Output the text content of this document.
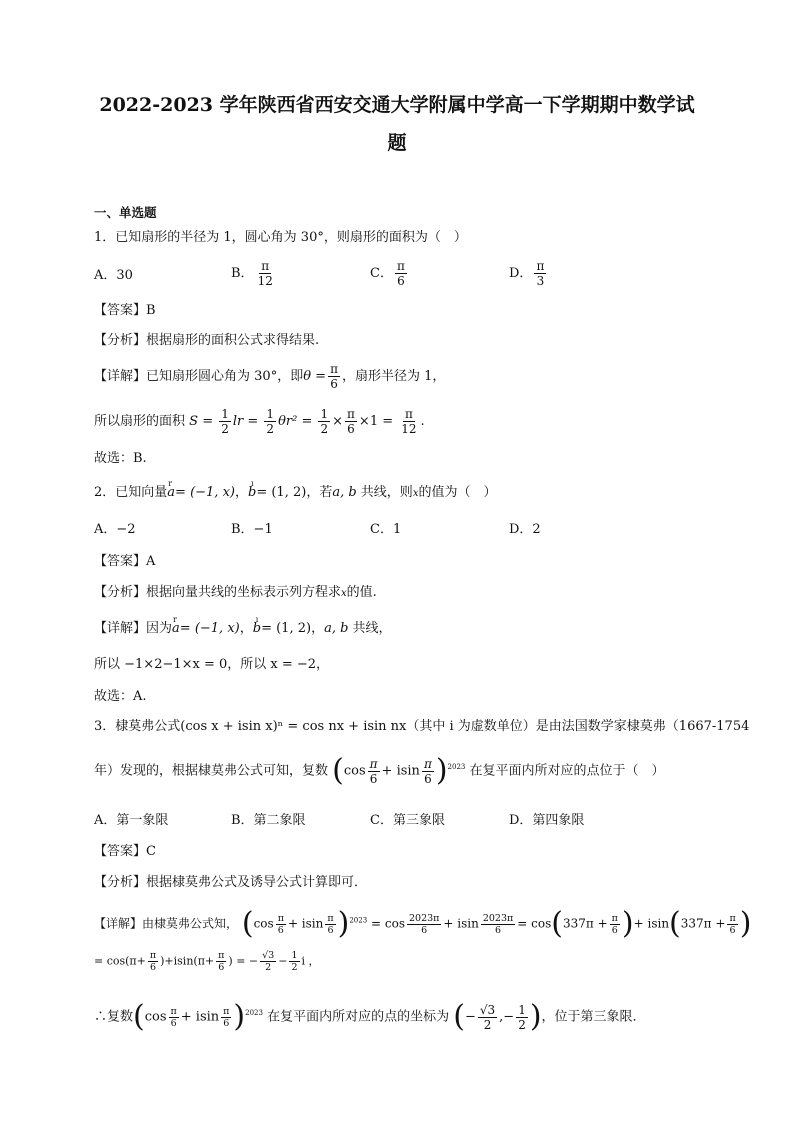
2022-2023 学年陕西省西安交通大学附属中学高一下学期期中数学试
题
一、单选题
1．已知扇形的半径为 1，圆心角为 30°，则扇形的面积为（　）
A．30	B． $\frac{\pi}{12}$	C． $\frac{\pi}{6}$	D． $\frac{\pi}{3}$
【答案】B
【分析】根据扇形的面积公式求得结果.
【详解】已知扇形圆心角为 30°，即$\theta = \frac{\pi}{6}$ ，扇形半径为 1，
所以扇形的面积 $S = \frac{1}{2}$ lr = $\frac{1}{2} \theta r^2 = \frac{1}{2} \times \frac{\pi}{6} \times 1 = \frac{\pi}{12}$ .
故选：B.
2．已知向量r a= (−1, x)，ı b= (1, 2)，若a, b 共线，则x的值为（　）
A．−2	B．−1	C．1	D．2
【答案】A
【分析】根据向量共线的坐标表示列方程求x的值.
【详解】因为r a= (−1, x)，ı b= (1, 2)，a, b 共线，
所以 −1×2−1×x = 0，所以 x = −2，
故选：A.
3．棣莫弗公式(cos x + isin x)ⁿ = cos nx + isin nx（其中 i 为虚数单位）是由法国数学家棣莫弗（1667-1754
年）发现的，根据棣莫弗公式可知，复数 $(\cos \frac{\pi}{6} + isin \frac{\pi}{6} )^{2023}$ 在复平面内所对应的点位于（　）
A．第一象限	B．第二象限	C．第三象限	D．第四象限
【答案】C
【分析】根据棣莫弗公式及诱导公式计算即可．
【详解】由棣莫弗公式知， $(\cos \frac{\pi}{6} + isin \frac{\pi}{6} )^{2023} = \cos \frac{2023\pi}{6} + isin \frac{2023\pi}{6} = \cos(337\pi + \frac{\pi}{6}$ )+ $isin(337\pi + \frac{\pi}{6}$ )
= $\cos(\pi+ \frac{\pi}{6} )+isin(\pi+ \frac{\pi}{6}$ ) = − $\frac{√3}{2} - \frac{1}{2}$ i ，
∴复数$(\cos \frac{\pi}{6} + isin \frac{\pi}{6} )^{2023}$ 在复平面内所对应的点的坐标为 (− $\frac{√3}{2}$ ,− $\frac{1}{2}$ )，位于第三象限．
